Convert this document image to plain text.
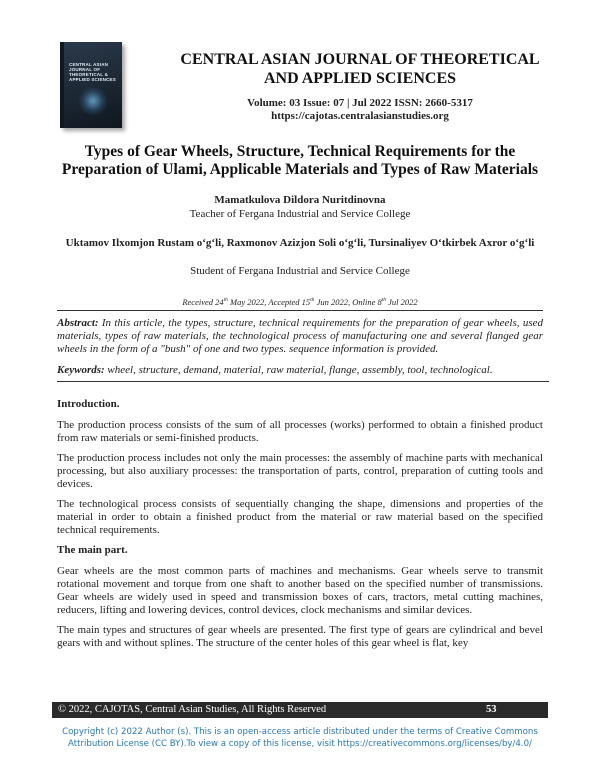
CENTRAL ASIAN JOURNAL OF THEORETICAL & APPLIED SCIENCES
CENTRAL ASIAN JOURNAL OF THEORETICAL
AND APPLIED SCIENCES
Volume: 03 Issue: 07 | Jul 2022 ISSN: 2660-5317
https://cajotas.centralasianstudies.org
Types of Gear Wheels, Structure, Technical Requirements for the
Preparation of Ulami, Applicable Materials and Types of Raw Materials
Mamatkulova Dildora Nuritdinovna
Teacher of Fergana Industrial and Service College
Uktamov Ilxomjon Rustam o‘g‘li, Raxmonov Azizjon Soli o‘g‘li, Tursinaliyev O‘tkirbek Axror o‘g‘li
Student of Fergana Industrial and Service College
Received 24th May 2022, Accepted 15th Jun 2022, Online 8th Jul 2022
Abstract: In this article, the types, structure, technical requirements for the preparation of gear wheels, used materials, types of raw materials, the technological process of manufacturing one and several flanged gear wheels in the form of a "bush" of one and two types. sequence information is provided.
Keywords: wheel, structure, demand, material, raw material, flange, assembly, tool, technological.
Introduction.

The production process consists of the sum of all processes (works) performed to obtain a finished product from raw materials or semi-finished products.

The production process includes not only the main processes: the assembly of machine parts with mechanical processing, but also auxiliary processes: the transportation of parts, control, preparation of cutting tools and devices.

The technological process consists of sequentially changing the shape, dimensions and properties of the material in order to obtain a finished product from the material or raw material based on the specified technical requirements.

The main part.

Gear wheels are the most common parts of machines and mechanisms. Gear wheels serve to transmit rotational movement and torque from one shaft to another based on the specified number of transmissions. Gear wheels are widely used in speed and transmission boxes of cars, tractors, metal cutting machines, reducers, lifting and lowering devices, control devices, clock mechanisms and similar devices.

The main types and structures of gear wheels are presented. The first type of gears are cylindrical and bevel gears with and without splines. The structure of the center holes of this gear wheel is flat, key

© 2022, CAJOTAS, Central Asian Studies, All Rights Reserved	53
Copyright (c) 2022 Author (s). This is an open-access article distributed under the terms of Creative Commons
Attribution License (CC BY).To view a copy of this license, visit https://creativecommons.org/licenses/by/4.0/
